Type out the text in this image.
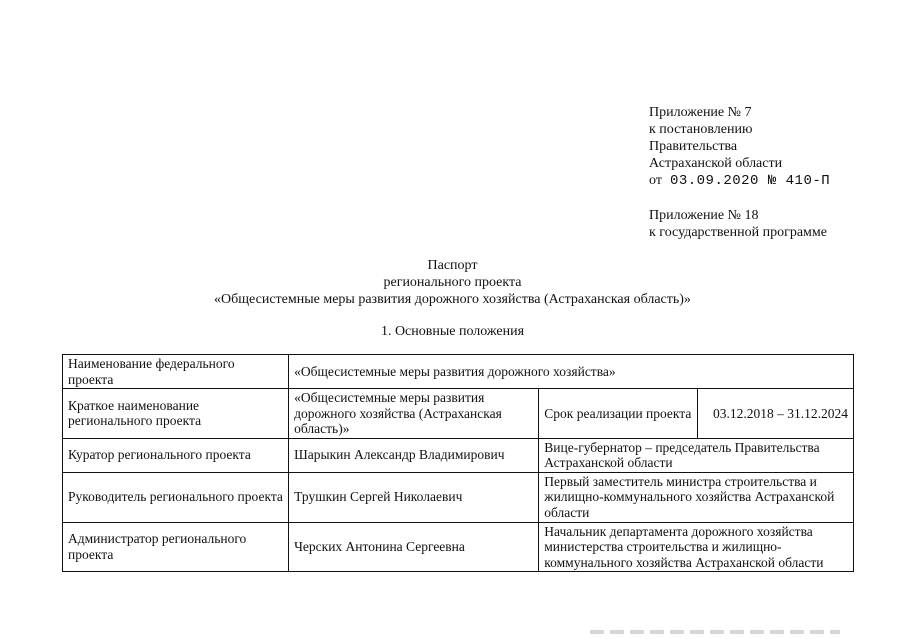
Приложение № 7
к постановлению
Правительства
Астраханской области
от 03.09.2020 № 410-П
Приложение № 18
к государственной программе
Паспорт
регионального проекта
«Общесистемные меры развития дорожного хозяйства (Астраханская область)»
1. Основные положения
Наименование федерального проекта	«Общесистемные меры развития дорожного хозяйства»		
Краткое наименование регионального проекта	«Общесистемные меры развития дорожного хозяйства (Астраханская область)»	Срок реализации проекта	03.12.2018 – 31.12.2024
Куратор регионального проекта	Шарыкин Александр Владимирович	Вице-губернатор – председатель Правительства Астраханской области	
Руководитель регионального проекта	Трушкин Сергей Николаевич	Первый заместитель министра строительства и жилищно-коммунального хозяйства Астраханской области	
Администратор регионального проекта	Черских Антонина Сергеевна	Начальник департамента дорожного хозяйства министерства строительства и жилищно-коммунального хозяйства Астраханской области	
